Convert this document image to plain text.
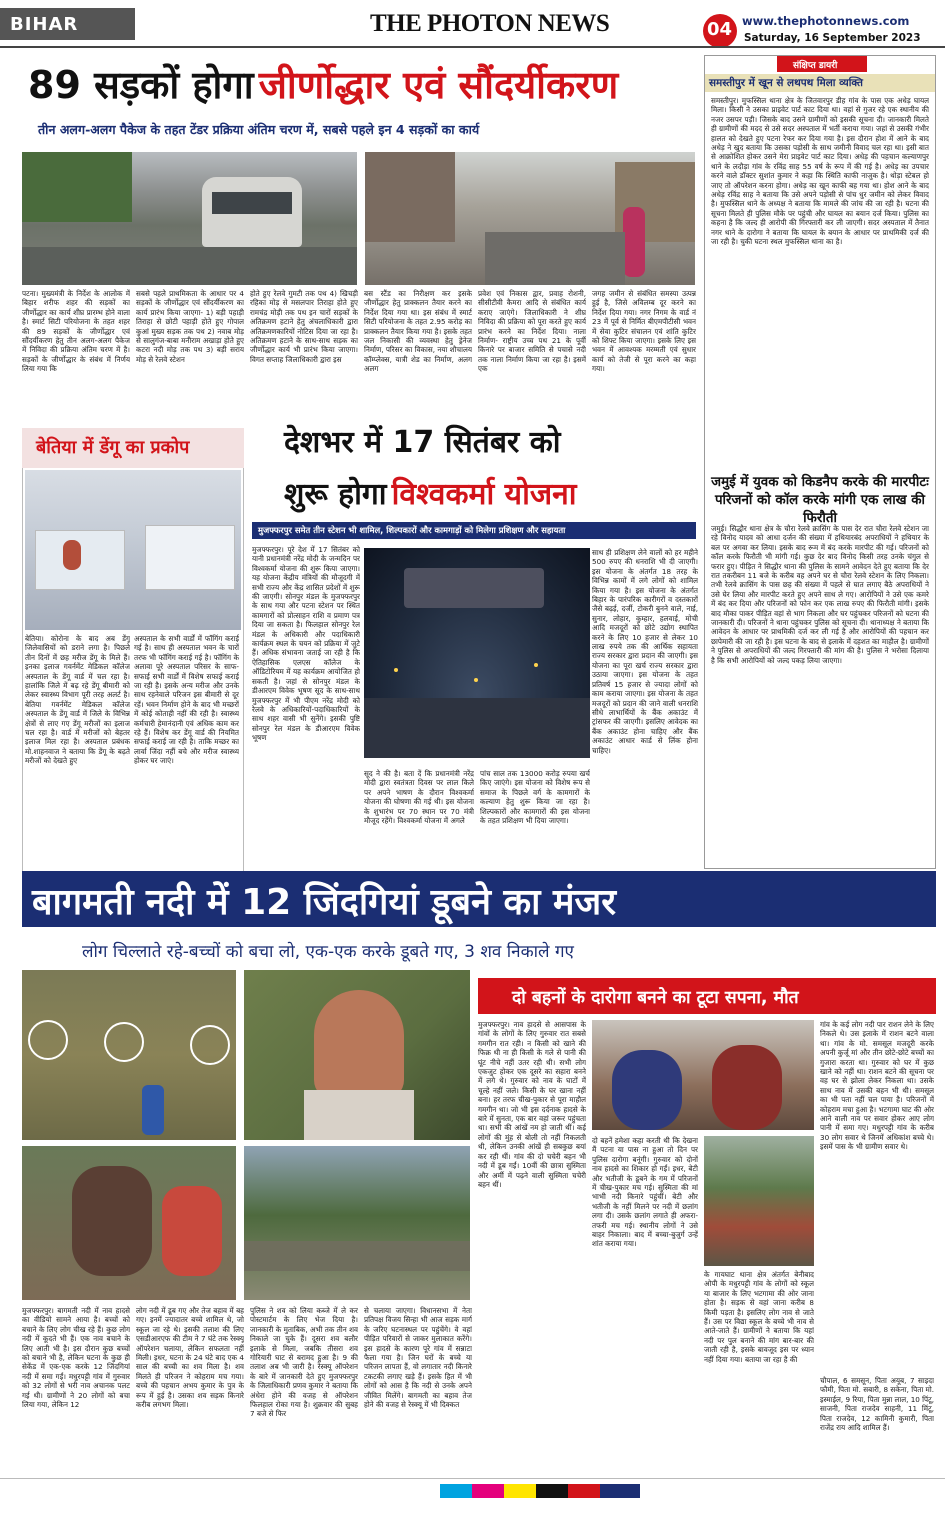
BIHAR	THE PHOTON NEWS	04 www.thephotonnews.com
Saturday, 16 September 2023
89 सड़कों होगा जीर्णोद्धार एवं सौंदर्यीकरण
तीन अलग-अलग पैकेज के तहत टेंडर प्रक्रिया अंतिम चरण में, सबसे पहले इन 4 सड़कों का कार्य
पटना। मुख्यमंत्री के निर्देश के आलोक में बिहार शरीफ शहर की सड़कों का जीर्णोद्धार का कार्य शीघ्र प्रारम्भ होने वाला है। स्मार्ट सिटी परियोजना के तहत शहर की 89 सड़कों के जीर्णोद्धार एवं सौंदर्यीकरण हेतु तीन अलग-अलग पैकेज में निविदा की प्रक्रिया अंतिम चरण में है। सड़कों के जीर्णोद्धार के संबंध में निर्णय लिया गया कि
सबसे पहले प्राथमिकता के आधार पर 4 सड़कों के जीर्णोद्धार एवं सौंदर्यीकरण का कार्य प्रारंभ किया जाएगा- 1) बड़ी पहाड़ी तिराहा से छोटी पहाड़ी होते हुए गोपाल कुआं मुख्य सड़क तक पथ 2) नवाब मोड़ से सालुगंज-बाबा मनीराम अखाड़ा होते हुए कटरा नदी मोड़ तक पथ 3) बड़ी सराय मोड़ से रेलवे स्टेशन
होते हुए रेलवे गुमटी तक पथ 4) खिचड़ी रहिका मोड़ से मसलपार तिराहा होते हुए रामचंद्र मोड़ी तक पथ इन चारों सड़कों के अतिक्रमण हटाने हेतु अंचलाधिकारी द्वारा अतिक्रमणकारियों नोटिस दिया जा रहा है। अतिक्रमण हटाने के साथ-साथ सड़क का जीर्णोद्धार कार्य भी प्रारंभ किया जाएगा। विगत सप्ताह जिलाधिकारी द्वारा इस
बस स्टैंड का निरीक्षण कर इसके जीर्णोद्धार हेतु प्राक्कलन तैयार करने का निर्देश दिया गया था। इस संबंध में स्मार्ट सिटी परियोजना के तहत 2.95 करोड़ का प्राक्कलन तैयार किया गया है। इसके तहत जल निकासी की व्यवस्था हेतु ड्रेनेज निर्माण, परिसर का विकास, नया शौचालय कॉम्प्लेक्स, यात्री शेड का निर्माण, अलग अलग
प्रवेश एवं निकास द्वार, प्रवाह रोशनी, सीसीटीवी कैमरा आदि से संबंधित कार्य कराए जाएंगे। जिलाधिकारी ने शीघ्र निविदा की प्रक्रिया को पूरा करते हुए कार्य प्रारंभ करने का निर्देश दिया। नाला निर्माण- राष्ट्रीय उच्च पथ 21 के पूर्वी किनारे पर बाजार समिति से पचासे नदी तक नाला निर्माण किया जा रहा है। इसमें एक
जगह जमीन से संबंधित समस्या उत्पन्न हुई है, जिसे अविलम्ब दूर करने का निर्देश दिया गया। नगर निगम के वार्ड नं 23 में पूर्व से निर्मित बीएमपीटीसी भवन में सेवा कुटिर संचालन एवं शांति कुटिर को शिफ्ट किया जाएगा। इसके लिए इस भवन में आवश्यक मरम्मती एवं सुधार कार्य को तेजी से पूरा करने का कहा गया।
संक्षिप्त डायरी
समस्तीपुर में खून से लथपथ मिला व्यक्ति
समस्तीपुर। मुफस्सिल थाना क्षेत्र के जितवारपुर डीह गांव के पास एक अधेड़ घायल मिला। किसी ने उसका प्राइवेट पार्ट काट दिया था। वहां से गुजर रहे एक स्थानीय की नजर उसपर पड़ी। जिसके बाद उसने ग्रामीणों को इसकी सूचना दी। जानकारी मिलते ही ग्रामीणों की मदद से उसे सदर अस्पताल में भर्ती कराया गया। जहां से उसकी गंभीर हालत को देखते हुए पटना रेफर कर दिया गया है। इस दौरान होश में आने के बाद अधेड़ ने खुद बताया कि उसका पड़ोसी के साथ जमीनी विवाद चल रहा था। इसी बात से आक्रोशित होकर उसने मेरा प्राइवेट पार्ट काट दिया। अधेड़ की पहचान कल्याणपुर थाने के लदौड़ा गांव के रविंद्र साह 55 वर्ष के रूप में की गई है। अधेड़ का उपचार करने वाले डॉक्टर सुशांत कुमार ने कहा कि स्थिति काफी नाजुक है। थोड़ा स्टेबल हो जाए तो ऑपरेशन करना होगा। अधेड़ का खून काफी बह गया था। होश आने के बाद अधेड़ रविंद्र साह ने बताया कि उसे अपने पड़ोसी से पांच धुर जमीन को लेकर विवाद है। मुफस्सिल थाने के अध्यक्ष ने बताया कि मामले की जांच की जा रही है। घटना की सूचना मिलते ही पुलिस मौके पर पहुंची और घायल का बयान दर्ज किया। पुलिस का कहना है कि जल्द ही आरोपी की गिरफ्तारी कर ली जाएगी। सदर अस्पताल में तैनात नगर थाने के दारोगा ने बताया कि घायल के बयान के आधार पर प्राथमिकी दर्ज की जा रही है। चुकी घटना स्थल मुफस्सिल थाना का है।
जमुई में युवक को किडनैप करके की मारपीटः परिजनों को कॉल करके मांगी एक लाख की फिरौती
जमुई। सिद्धौर थाना क्षेत्र के चौरा रेलवे क्रासिंग के पास देर रात चौरा रेलवे स्टेशन जा रहे विनोद यादव को आधा दर्जन की संख्या में हथियारबंद अपराधियों ने हथियार के बल पर अगवा कर लिया। इसके बाद रूम में बंद करके मारपीट की गई। परिजनों को कॉल करके फिरौती भी मांगी गई। कुछ देर बाद विनोद किसी तरह उनके चंगुल से फरार हुए। पीड़ित ने सिद्धौर थाना की पुलिस के सामने आवेदन देते हुए बताया कि देर रात तकरीबन 11 बजे के करीब वह अपने घर से चौरा रेलवे स्टेशन के लिए निकला। तभी रेलवे क्रासिंग के पास छह की संख्या में पहले से घात लगाए बैठे अपराधियों ने उसे घेर लिया और मारपीट करते हुए अपने साथ ले गए। आरोपियों ने उसे एक कमरे में बंद कर दिया और परिजनों को फोन कर एक लाख रुपए की फिरौती मांगी। इसके बाद मौका पाकर पीड़ित वहां से भाग निकला और घर पहुंचकर परिजनों को घटना की जानकारी दी। परिजनों ने थाना पहुंचकर पुलिस को सूचना दी। थानाध्यक्ष ने बताया कि आवेदन के आधार पर प्राथमिकी दर्ज कर ली गई है और आरोपियों की पहचान कर छापेमारी की जा रही है। इस घटना के बाद से इलाके में दहशत का माहौल है। ग्रामीणों ने पुलिस से अपराधियों की जल्द गिरफ्तारी की मांग की है। पुलिस ने भरोसा दिलाया है कि सभी आरोपियों को जल्द पकड़ लिया जाएगा।
बेतिया में डेंगू का प्रकोप
बेतिया। कोरोना के बाद अब डेंगू जिलेवासियों को डराने लगा है। पिछले तीन दिनों में छह मरीज डेंगू के मिले हैं। इनका इलाज गवर्नमेंट मेडिकल कॉलेज अस्पताल के डेंगू वार्ड में चल रहा है। हालांकि जिले में बढ़ रहे डेंगू बीमारी को लेकर स्वास्थ्य विभाग पूरी तरह अलर्ट है। बेतिया गवर्नमेंट मेडिकल कॉलेज अस्पताल के डेंगू वार्ड में जिले के विभिन्न क्षेत्रों से लाए गए डेंगू मरीजों का इलाज चल रहा है। वार्ड में मरीजों को बेहतर इलाज मिल रहा है। अस्पताल प्रबंधक मो.शाहनवाज ने बताया कि डेंगू के बढ़ते मरीजों को देखते हुए
अस्पताल के सभी वार्डों में फॉगिंग कराई गई है। साथ ही अस्पताल भवन के चारों तरफ भी फॉगिंग कराई गई है। फॉगिंग के अलावा पूरे अस्पताल परिसर के साफ-सफाई सभी वार्डों में विशेष सफाई कराई जा रही है। इसके अन्य मरीज और उनके साथ रहनेवाले परिजन इस बीमारी से दूर रहें। भवन निर्माण होने के बाद भी मच्छरों में कोई कोताही नहीं की रही है। स्वास्थ्य कर्मचारी हेमानंदानी एवं अधिक काम कर रहे हैं। विशेष कर डेंगू वार्ड की नियमित सफाई कराई जा रही है। ताकि मच्छर का लार्वा जिंदा नहीं बचे और मरीज स्वास्थ्य होकर घर जाएं।
देशभर में 17 सितंबर को
शुरू होगा विश्वकर्मा योजना
मुजफ्फरपुर समेत तीन स्टेशन भी शामिल, शिल्पकारों और कामगाड़ों को मिलेगा प्रशिक्षण और सहायता
मुजफ्फरपुर। पूरे देश में 17 सितंबर को यानी प्रधानमंत्री नरेंद्र मोदी के जन्मदिन पर विश्वकर्मा योजना की शुरू किया जाएगा। यह योजना केंद्रीय मंत्रियों की मौजूदगी में सभी राज्य और केंद्र शासित प्रदेशों में शुरू की जाएगी। सोनपुर मंडल के मुजफ्फरपुर के साथ गया और पटना स्टेशन पर स्थित कामगारों को प्रोत्साहन राशि व प्रमाण पत्र दिया जा सकता है। फिलहाल सोनपुर रेल मंडल के अधिकारी और पदाधिकारी कार्यक्रम स्थल के चयन को प्रक्रिया में जुटे हैं। अधिक संभावना जताई जा रही है कि ऐतिहासिक एलएस कॉलेज के ऑडिटोरियम में यह कार्यक्रम आयोजित हो सकती है। जहां से सोनपुर मंडल के डीआरएम विवेक भूषण सूद के साथ-साथ मुजफ्फरपुर में भी पीएम नरेंद्र मोदी को रेलवे के अधिकारियों-पदाधिकारियों के साथ शहर वासी भी सुनेंगे। इसकी पुष्टि सोनपुर रेल मंडल के डीआरएम विवेक भूषण
सूद ने की है। बता दें कि प्रधानमंत्री नरेंद्र मोदी द्वारा स्वतंत्रता दिवस पर लाल किले पर अपने भाषण के दौरान विश्वकर्मा योजना की घोषणा की गई थी। इस योजना के शुभारंभ पर 70 स्थान पर 70 मंत्री मौजूद रहेंगे। विश्वकर्मा योजना में अगले
पांच साल तक 13000 करोड़ रुपया खर्च किए जाएंगे। इस योजना को विशेष रूप से समाज के पिछले वर्ग के कामगारों के कल्याण हेतु शुरू किया जा रहा है। शिल्पकारों और कामगारों की इस योजना के तहत प्रशिक्षण भी दिया जाएगा।
साथ ही प्रशिक्षण लेने वालों को हर महीने 500 रुपए की धनराशि भी दी जाएगी। इस योजना के अंतर्गत 18 तरह के विभिन्न कामों में लगे लोगों को शामिल किया गया है। इस योजना के अंतर्गत बिहार के पारंपरिक कारीगरों व दस्तकारों जैसे बढ़ई, दर्जी, टोकरी बुनने वाले, नाई, सुनार, लोहार, कुम्हार, हलवाई, मोची आदि मजदूरों को छोटे उद्योग स्थापित करने के लिए 10 हजार से लेकर 10 लाख रुपये तक की आर्थिक सहायता राज्य सरकार द्वारा प्रदान की जाएगी। इस योजना का पूरा खर्च राज्य सरकार द्वारा उठाया जाएगा। इस योजना के तहत प्रतिवर्ष 15 हजार से ज्यादा लोगों को काम कराया जाएगा। इस योजना के तहत मजदूरों को प्रदान की जाने वाली धनराशि सीधे लाभार्थियों के बैंक अकाउंट में ट्रांसफर की जाएगी। इसलिए आवेदक का बैंक अकाउंट होना चाहिए और बैंक अकाउंट आधार कार्ड से लिंक होना चाहिए।
बागमती नदी में 12 जिंदगियां डूबने का मंजर
लोग चिल्लाते रहे-बच्चों को बचा लो, एक-एक करके डूबते गए, 3 शव निकाले गए
मुजफ्फरपुर। बागमती नदी में नाव हादसे का वीडियो सामने आया है। बच्चों को बचाने के लिए लोग चीख रहे हैं। कुछ लोग नदी में कूदते भी हैं। एक नाव बचाने के लिए आती भी है। इस दौरान कुछ बच्चों को बचाने भी है, लेकिन घटना के कुछ ही सेकेंड में एक-एक करके 12 जिंदगियां नदी में समा गईं। मधुरपट्टी गांव में गुरुवार को 32 लोगों से भरी नाव अचानक पलट गई थी। ग्रामीणों ने 20 लोगों को बचा लिया गया, लेकिन 12
लोग नदी में डूब गए और तेज बहाव में बह गए। इनमें ज्यादातर बच्चे शामिल थे, जो स्कूल जा रहे थे। इसकी तलाश की लिए एसडीआरएफ की टीम ने 7 घंटे तक रेस्क्यू ऑपरेशन चलाया, लेकिन सफलता नहीं मिली। इधर, घटना के 24 घंटे बाद एक 4 साल की बच्ची का शव मिला है। शव मिलते ही परिजन ने कोहराम मच गया। बच्चे की पहचान अभय कुमार के पुत्र के रूप में हुई है। उसका शव सड़क किनारे करीब लगभग मिला।
पुलिस ने शव को लिया कब्जे में ले कर पोस्टमार्टम के लिए भेज दिया है। जानकारी के मुताबिक, अभी तक तीन शव निकाले जा चुके हैं। दूसरा शव बलौर इलाके से मिला, जबकि तीसरा शव गोरियारी घाट से बरामद हुआ है। 9 की तलाश अब भी जारी है। रेस्क्यू ऑपरेशन के बारे में जानकारी देते हुए मुजफ्फरपुर के जिलाधिकारी प्रणव कुमार ने बताया कि अंधेरा होने की वजह से ऑपरेशन फिलहाल रोका गया है। शुक्रवार की सुबह 7 बजे से फिर
से चलाया जाएगा। विधानसभा में नेता प्रतिपक्ष विजय सिन्हा भी आज सड़क मार्ग के जरिए घटनास्थल पर पहुंचेंगे। वे वहां पीड़ित परिवारों से जाकर मुलाकात करेंगे। इस हादसे के कारण पूरे गांव में सन्नाटा फैला गया है। जिन घरों के बच्चे या परिजन लापता हैं, वो लगातार नदी किनारे टकटकी लगाए खड़े हैं। इसके हित में भी लोगों को आस है कि नदी से उनके अपने जीवित मिलेंगे। बागमती का बहाव तेज होने की वजह से रेस्क्यू में भी दिक्कत
दो बहनों के दारोगा बनने का टूटा सपना, मौत
मुजफ्फरपुर। नाव हादसे से आसपास के गांवों के लोगों के लिए गुरुवार रात सबसे गमगीन रात रही। न किसी को खाने की फिक्र थी ना ही किसी के गले से पानी की घूंट नीचे नहीं उतर रही थी। सभी लोग एकजुट होकर एक दूसरे का सहारा बनने में लगे थे। गुरुवार को नाव के घाटों में चूल्हे नहीं जले। किसी के घर खाना नहीं बना। हर तरफ चीख-पुकार से पूरा माहौल गमगीन था। जो भी इस दर्दनाक हादसे के बारे में सुनता, एक बार वहां जरूर पहुंचता था। सभी की आंखें नम हो जाती थीं। कई लोगों की मुंह से बोली तो नहीं निकलती थी, लेकिन उनकी आंखें ही सबकुछ बयां कर रही थीं। गांव की दो चचेरी बहन भी नदी में डूब गईं। 10वीं की छात्रा सुस्मिता और अर्मी में पढ़ने वाली सुस्मिता चचेरी बहन थीं।
गांव के कई लोग नदी पार राशन लेने के लिए निकले थे। उस इलाके में राशन बटने वाला था। गांव के मो. समसूल मजदूरी करके अपनी कुर्जू मां और तीन छोटे-छोटे बच्चों का गुजारा करता था। गुरुवार को घर में कुछ खाने को नहीं था। राशन बटने की सूचना पर वह घर से झोला लेकर निकला था। उसके साथ नाव में उसकी बहन भी थी। समसूल का भी पता नहीं चल पाया है। परिजनों में कोहराम मचा हुआ है। भटगामा घाट की ओर आने वाली नाव पर सवार होकर आए लोग पानी में समा गए। मधुरपट्टी गांव के करीब 30 लोग सवार थे जिनमें अधिकांश बच्चे थे। इसमें पास के भी ग्रामीण सवार थे।
दो बहनें हमेशा कहा करती थी कि देखना मैं पटना या पास ना हुआ तो दिन पर पुलिस दारोगा बनूंगी। गुरुवार को दोनों नाव हादसे का शिकार हो गईं। इधर, बेटी और भतीजी के डूबने के गम में परिजनों में चीख-पुकार मच गई। सुस्मिता की मां भाभी नदी किनारे पहुंचीं। बेटी और भतीजी के नहीं मिलने पर नदी में छलांग लगा दी। उसके छलांग लगाते ही अफरा-तफरी मच गई। स्थानीय लोगों ने उसे बाहर निकाला। बाद में बच्चा-बुजुर्ग उन्हें शांत कराया गया।
के गायघाट थाना क्षेत्र अंतर्गत बेनीबाद ओपी के मधुरपट्टी गांव के लोगों को स्कूल या बाजार के लिए भटगामा की ओर जाना होता है। सड़क से वहां जाना करीब 8 किमी पड़ता है। इसलिए लोग नाव से जाते हैं। उस पर विद्या स्कूल के बच्चे भी नाव से आते-जाते हैं। ग्रामीणों ने बताया कि यहां नदी पर पुल बनाने की मांग बार-बार की जाती रही है, इसके बावजूद इस पर ध्यान नहीं दिया गया। बताया जा रहा है की
चौपाल, 6 समसून, पिता अयूब, 7 साइदा फौमी, पिता मो. सबारी, 8 सकेना, पिता मो. इस्माईल, 9 रिया, पिता मुन्ना लाल, 10 पिंटू, साजनी, पिता राजदेव साहनी, 11 मिंटू, पिता राजदेव, 12 कामिनी कुमारी, पिता राजेंद्र राय आदि शामिल हैं।
